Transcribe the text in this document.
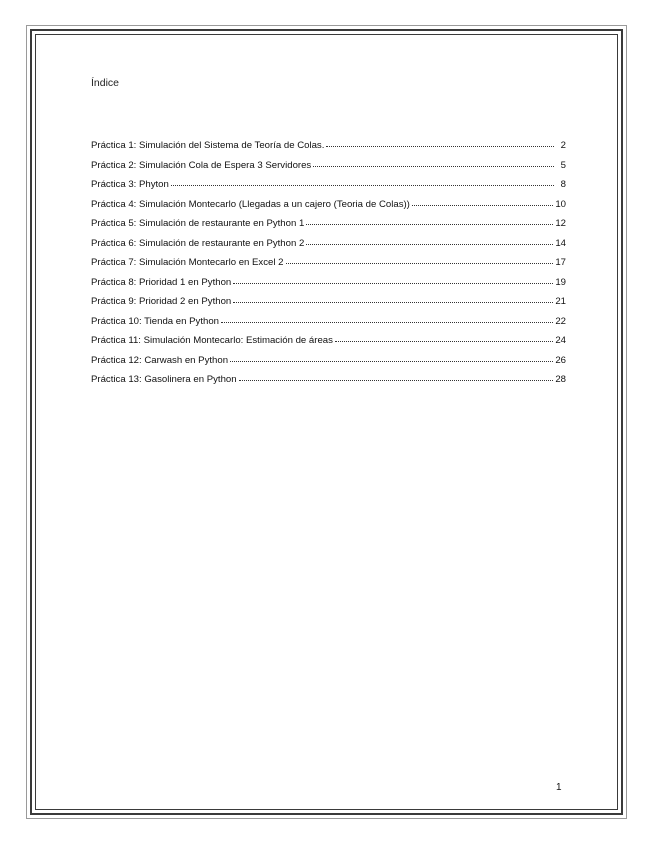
Índice
Práctica 1: Simulación del Sistema de Teoría de Colas.	2
Práctica 2: Simulación Cola de Espera 3 Servidores	5
Práctica 3: Phyton	8
Práctica 4: Simulación Montecarlo (Llegadas a un cajero (Teoria de Colas))	10
Práctica 5: Simulación de restaurante en Python 1	12
Práctica 6: Simulación de restaurante en Python 2	14
Práctica 7: Simulación Montecarlo en Excel 2	17
Práctica 8: Prioridad 1 en Python	19
Práctica 9: Prioridad 2 en Python	21
Práctica 10: Tienda en Python	22
Práctica 11: Simulación Montecarlo: Estimación de áreas	24
Práctica 12: Carwash en Python	26
Práctica 13: Gasolinera en Python	28
1
